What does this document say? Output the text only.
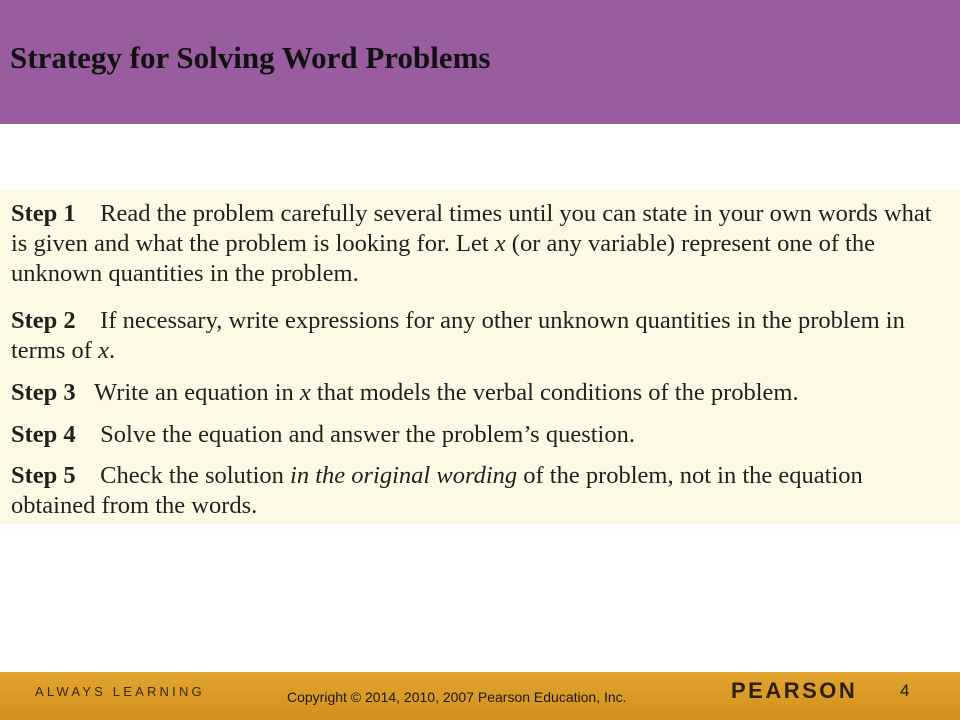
Strategy for Solving Word Problems
Step 1 Read the problem carefully several times until you can state in your own words what is given and what the problem is looking for. Let x (or any variable) represent one of the unknown quantities in the problem.
Step 2 If necessary, write expressions for any other unknown quantities in the problem in terms of x.
Step 3 Write an equation in x that models the verbal conditions of the problem.
Step 4 Solve the equation and answer the problem’s question.
Step 5 Check the solution in the original wording of the problem, not in the equation obtained from the words.
ALWAYS LEARNING	Copyright © 2014, 2010, 2007 Pearson Education, Inc.	PEARSON	4
